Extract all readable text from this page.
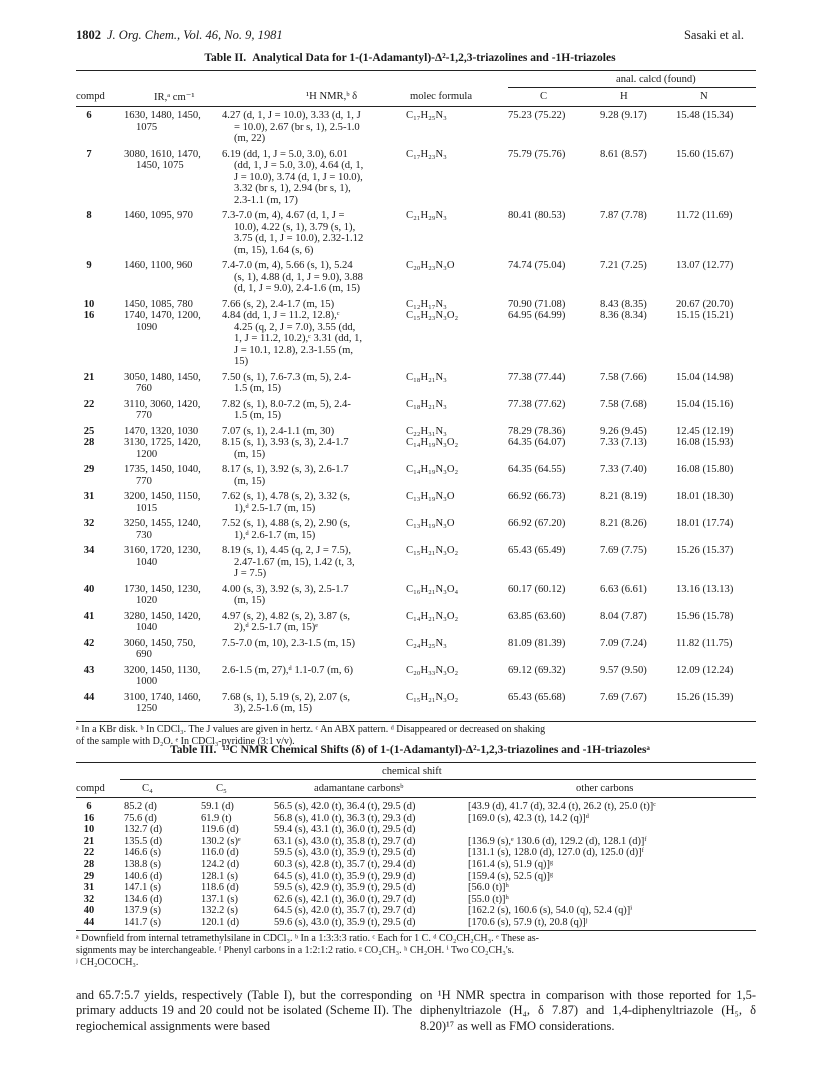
1802 J. Org. Chem., Vol. 46, No. 9, 1981	Sasaki et al.
Table II. Analytical Data for 1-(1-Adamantyl)-Δ²-1,2,3-triazolines and -1H-triazoles
anal. calcd (found)
compd	IR,ᵃ cm⁻¹	¹H NMR,ᵇ δ	molec formula	C	H	N
6	1630, 1480, 1450,
1075
4.27 (d, 1, J = 10.0), 3.33 (d, 1, J
= 10.0), 2.67 (br s, 1), 2.5-1.0
(m, 22)
C₁₇H₂₅N₃	75.23 (75.22)	9.28 (9.17)	15.48 (15.34)
7	3080, 1610, 1470,
1450, 1075
6.19 (dd, 1, J = 5.0, 3.0), 6.01
(dd, 1, J = 5.0, 3.0), 4.64 (d, 1,
J = 10.0), 3.74 (d, 1, J = 10.0),
3.32 (br s, 1), 2.94 (br s, 1),
2.3-1.1 (m, 17)
C₁₇H₂₃N₃	75.79 (75.76)	8.61 (8.57)	15.60 (15.67)
8	1460, 1095, 970	7.3-7.0 (m, 4), 4.67 (d, 1, J =
10.0), 4.22 (s, 1), 3.79 (s, 1),
3.75 (d, 1, J = 10.0), 2.32-1.12
(m, 15), 1.64 (s, 6)
C₂₁H₂₉N₃	80.41 (80.53)	7.87 (7.78)	11.72 (11.69)
9	1460, 1100, 960	7.4-7.0 (m, 4), 5.66 (s, 1), 5.24
(s, 1), 4.88 (d, 1, J = 9.0), 3.88
(d, 1, J = 9.0), 2.4-1.6 (m, 15)
C₂₀H₂₃N₃O	74.74 (75.04)	7.21 (7.25)	13.07 (12.77)
10	1450, 1085, 780	7.66 (s, 2), 2.4-1.7 (m, 15)	C₁₂H₁₇N₃	70.90 (71.08)	8.43 (8.35)	20.67 (20.70)
16	1740, 1470, 1200,
1090
4.84 (dd, 1, J = 11.2, 12.8),ᶜ
4.25 (q, 2, J = 7.0), 3.55 (dd,
1, J = 11.2, 10.2),ᶜ 3.31 (dd, 1,
J = 10.1, 12.8), 2.3-1.55 (m,
15)
C₁₅H₂₃N₃O₂	64.95 (64.99)	8.36 (8.34)	15.15 (15.21)
21	3050, 1480, 1450,
760
7.50 (s, 1), 7.6-7.3 (m, 5), 2.4-
1.5 (m, 15)
C₁₈H₂₁N₃	77.38 (77.44)	7.58 (7.66)	15.04 (14.98)
22	3110, 3060, 1420,
770
7.82 (s, 1), 8.0-7.2 (m, 5), 2.4-
1.5 (m, 15)
C₁₈H₂₁N₃	77.38 (77.62)	7.58 (7.68)	15.04 (15.16)
25	1470, 1320, 1030	7.07 (s, 1), 2.4-1.1 (m, 30)	C₂₂H₃₁N₃	78.29 (78.36)	9.26 (9.45)	12.45 (12.19)
28	3130, 1725, 1420,
1200
8.15 (s, 1), 3.93 (s, 3), 2.4-1.7
(m, 15)
C₁₄H₁₉N₃O₂	64.35 (64.07)	7.33 (7.13)	16.08 (15.93)
29	1735, 1450, 1040,
770
8.17 (s, 1), 3.92 (s, 3), 2.6-1.7
(m, 15)
C₁₄H₁₉N₃O₂	64.35 (64.55)	7.33 (7.40)	16.08 (15.80)
31	3200, 1450, 1150,
1015
7.62 (s, 1), 4.78 (s, 2), 3.32 (s,
1),ᵈ 2.5-1.7 (m, 15)
C₁₃H₁₉N₃O	66.92 (66.73)	8.21 (8.19)	18.01 (18.30)
32	3250, 1455, 1240,
730
7.52 (s, 1), 4.88 (s, 2), 2.90 (s,
1),ᵈ 2.6-1.7 (m, 15)
C₁₃H₁₉N₃O	66.92 (67.20)	8.21 (8.26)	18.01 (17.74)
34	3160, 1720, 1230,
1040
8.19 (s, 1), 4.45 (q, 2, J = 7.5),
2.47-1.67 (m, 15), 1.42 (t, 3,
J = 7.5)
C₁₅H₂₁N₃O₂	65.43 (65.49)	7.69 (7.75)	15.26 (15.37)
40	1730, 1450, 1230,
1020
4.00 (s, 3), 3.92 (s, 3), 2.5-1.7
(m, 15)
C₁₆H₂₁N₃O₄	60.17 (60.12)	6.63 (6.61)	13.16 (13.13)
41	3280, 1450, 1420,
1040
4.97 (s, 2), 4.82 (s, 2), 3.87 (s,
2),ᵈ 2.5-1.7 (m, 15)ᵉ
C₁₄H₂₁N₃O₂	63.85 (63.60)	8.04 (7.87)	15.96 (15.78)
42	3060, 1450, 750,
690
7.5-7.0 (m, 10), 2.3-1.5 (m, 15)	C₂₄H₂₅N₃	81.09 (81.39)	7.09 (7.24)	11.82 (11.75)
43	3200, 1450, 1130,
1000
2.6-1.5 (m, 27),ᵈ 1.1-0.7 (m, 6)	C₂₀H₃₃N₃O₂	69.12 (69.32)	9.57 (9.50)	12.09 (12.24)
44	3100, 1740, 1460,
1250
7.68 (s, 1), 5.19 (s, 2), 2.07 (s,
3), 2.5-1.6 (m, 15)
C₁₅H₂₁N₃O₂	65.43 (65.68)	7.69 (7.67)	15.26 (15.39)
ᵃ In a KBr disk. ᵇ In CDCl₃. The J values are given in hertz. ᶜ An ABX pattern. ᵈ Disappeared or decreased on shaking
of the sample with D₂O. ᵉ In CDCl₃-pyridine (3:1 v/v).
Table III. ¹³C NMR Chemical Shifts (δ) of 1-(1-Adamantyl)-Δ²-1,2,3-triazolines and -1H-triazolesᵃ
chemical shift
compd	C₄	C₅	adamantane carbonsᵇ	other carbons
6	85.2 (d)	59.1 (d)	56.5 (s), 42.0 (t), 36.4 (t), 29.5 (d)	[43.9 (d), 41.7 (d), 32.4 (t), 26.2 (t), 25.0 (t)]ᶜ
16	75.6 (d)	61.9 (t)	56.8 (s), 41.0 (t), 36.3 (t), 29.3 (d)	[169.0 (s), 42.3 (t), 14.2 (q)]ᵈ
10	132.7 (d)	119.6 (d)	59.4 (s), 43.1 (t), 36.0 (t), 29.5 (d)
21	135.5 (d)	130.2 (s)ᵉ	63.1 (s), 43.0 (t), 35.8 (t), 29.7 (d)	[136.9 (s),ᵉ 130.6 (d), 129.2 (d), 128.1 (d)]ᶠ
22	146.6 (s)	116.0 (d)	59.5 (s), 43.0 (t), 35.9 (t), 29.5 (d)	[131.1 (s), 128.0 (d), 127.0 (d), 125.0 (d)]ᶠ
28	138.8 (s)	124.2 (d)	60.3 (s), 42.8 (t), 35.7 (t), 29.4 (d)	[161.4 (s), 51.9 (q)]ᵍ
29	140.6 (d)	128.1 (s)	64.5 (s), 41.0 (t), 35.9 (t), 29.9 (d)	[159.4 (s), 52.5 (q)]ᵍ
31	147.1 (s)	118.6 (d)	59.5 (s), 42.9 (t), 35.9 (t), 29.5 (d)	[56.0 (t)]ʰ
32	134.6 (d)	137.1 (s)	62.6 (s), 42.1 (t), 36.0 (t), 29.7 (d)	[55.0 (t)]ʰ
40	137.9 (s)	132.2 (s)	64.5 (s), 42.0 (t), 35.7 (t), 29.7 (d)	[162.2 (s), 160.6 (s), 54.0 (q), 52.4 (q)]ⁱ
44	141.7 (s)	120.1 (d)	59.6 (s), 43.0 (t), 35.9 (t), 29.5 (d)	[170.6 (s), 57.9 (t), 20.8 (q)]ʲ
ᵃ Downfield from internal tetramethylsilane in CDCl₃. ᵇ In a 1:3:3:3 ratio. ᶜ Each for 1 C. ᵈ CO₂CH₂CH₃. ᵉ These as-
signments may be interchangeable. ᶠ Phenyl carbons in a 1:2:1:2 ratio. ᵍ CO₂CH₃. ʰ CH₂OH. ⁱ Two CO₂CH₃'s.
ʲ CH₂OCOCH₃.
and 65.7:5.7 yields, respectively (Table I), but the corresponding primary adducts 19 and 20 could not be isolated (Scheme II). The regiochemical assignments were based
on ¹H NMR spectra in comparison with those reported for 1,5-diphenyltriazole (H₄, δ 7.87) and 1,4-diphenyltriazole (H₅, δ 8.20)¹⁷ as well as FMO considerations.
